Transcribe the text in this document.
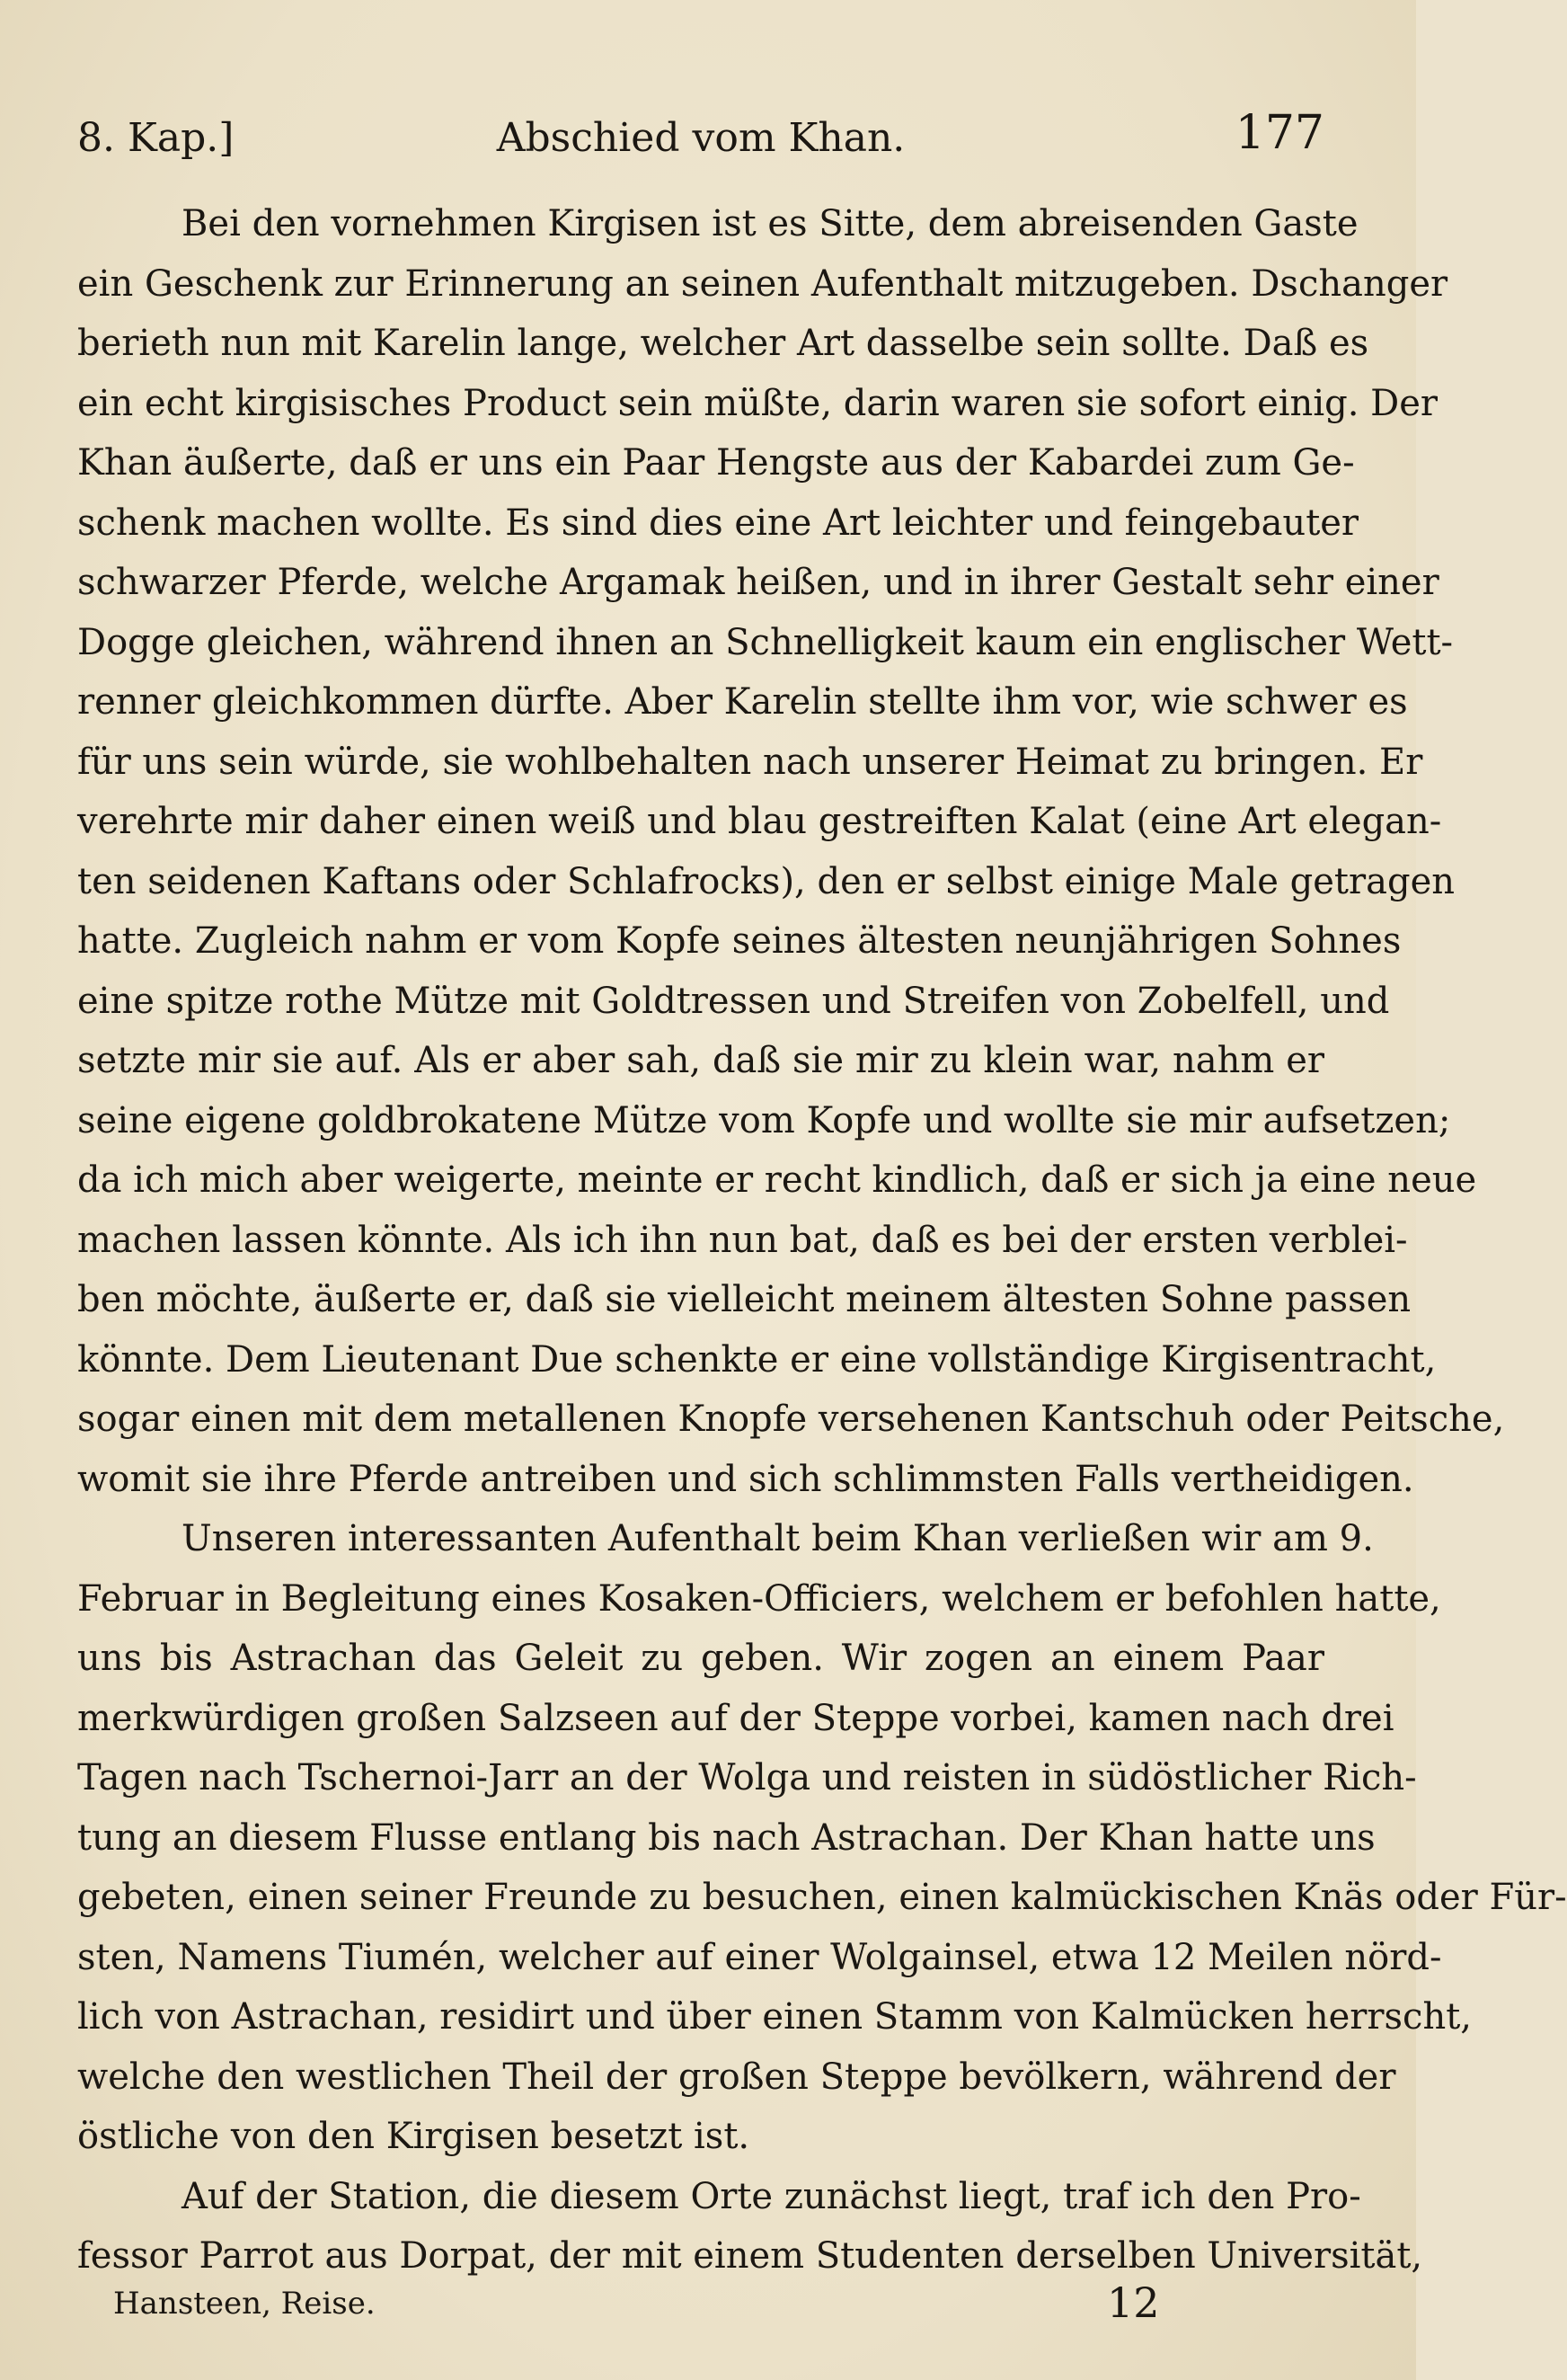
8. Kap.]	Abschied vom Khan.	177
Bei den vornehmen Kirgisen ist es Sitte, dem abreisenden Gaste
ein Geschenk zur Erinnerung an seinen Aufenthalt mitzugeben. Dschanger
berieth nun mit Karelin lange, welcher Art dasselbe sein sollte. Daß es
ein echt kirgisisches Product sein müßte, darin waren sie sofort einig. Der
Khan äußerte, daß er uns ein Paar Hengste aus der Kabardei zum Ge-
schenk machen wollte. Es sind dies eine Art leichter und feingebauter
schwarzer Pferde, welche Argamak heißen, und in ihrer Gestalt sehr einer
Dogge gleichen, während ihnen an Schnelligkeit kaum ein englischer Wett-
renner gleichkommen dürfte. Aber Karelin stellte ihm vor, wie schwer es
für uns sein würde, sie wohlbehalten nach unserer Heimat zu bringen. Er
verehrte mir daher einen weiß und blau gestreiften Kalat (eine Art elegan-
ten seidenen Kaftans oder Schlafrocks), den er selbst einige Male getragen
hatte. Zugleich nahm er vom Kopfe seines ältesten neunjährigen Sohnes
eine spitze rothe Mütze mit Goldtressen und Streifen von Zobelfell, und
setzte mir sie auf. Als er aber sah, daß sie mir zu klein war, nahm er
seine eigene goldbrokatene Mütze vom Kopfe und wollte sie mir aufsetzen;
da ich mich aber weigerte, meinte er recht kindlich, daß er sich ja eine neue
machen lassen könnte. Als ich ihn nun bat, daß es bei der ersten verblei-
ben möchte, äußerte er, daß sie vielleicht meinem ältesten Sohne passen
könnte. Dem Lieutenant Due schenkte er eine vollständige Kirgisentracht,
sogar einen mit dem metallenen Knopfe versehenen Kantschuh oder Peitsche,
womit sie ihre Pferde antreiben und sich schlimmsten Falls vertheidigen.
Unseren interessanten Aufenthalt beim Khan verließen wir am 9.
Februar in Begleitung eines Kosaken-Officiers, welchem er befohlen hatte,
uns bis Astrachan das Geleit zu geben. Wir zogen an einem Paar
merkwürdigen großen Salzseen auf der Steppe vorbei, kamen nach drei
Tagen nach Tschernoi-Jarr an der Wolga und reisten in südöstlicher Rich-
tung an diesem Flusse entlang bis nach Astrachan. Der Khan hatte uns
gebeten, einen seiner Freunde zu besuchen, einen kalmückischen Knäs oder Für-
sten, Namens Tiumén, welcher auf einer Wolgainsel, etwa 12 Meilen nörd-
lich von Astrachan, residirt und über einen Stamm von Kalmücken herrscht,
welche den westlichen Theil der großen Steppe bevölkern, während der
östliche von den Kirgisen besetzt ist.
Auf der Station, die diesem Orte zunächst liegt, traf ich den Pro-
fessor Parrot aus Dorpat, der mit einem Studenten derselben Universität,
Hansteen, Reise.	12
